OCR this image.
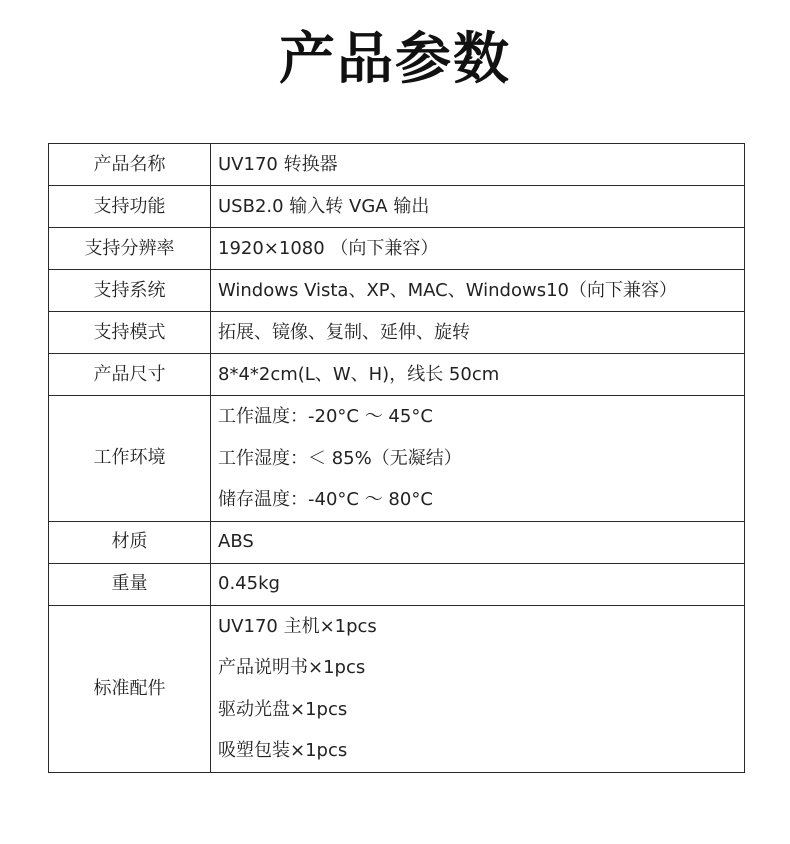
产品参数
产品名称	UV170 转换器
支持功能	USB2.0 输入转 VGA 输出
支持分辨率	1920×1080 （向下兼容）
支持系统	Windows Vista、XP、MAC、Windows10（向下兼容）
支持模式	拓展、镜像、复制、延伸、旋转
产品尺寸	8*4*2cm(L、W、H)，线长 50cm
工作环境	工作温度：-20°C ～ 45°C
工作湿度：＜ 85%（无凝结）
储存温度：-40°C ～ 80°C

材质	ABS
重量	0.45kg
标准配件	UV170 主机×1pcs
产品说明书×1pcs
驱动光盘×1pcs
吸塑包装×1pcs
